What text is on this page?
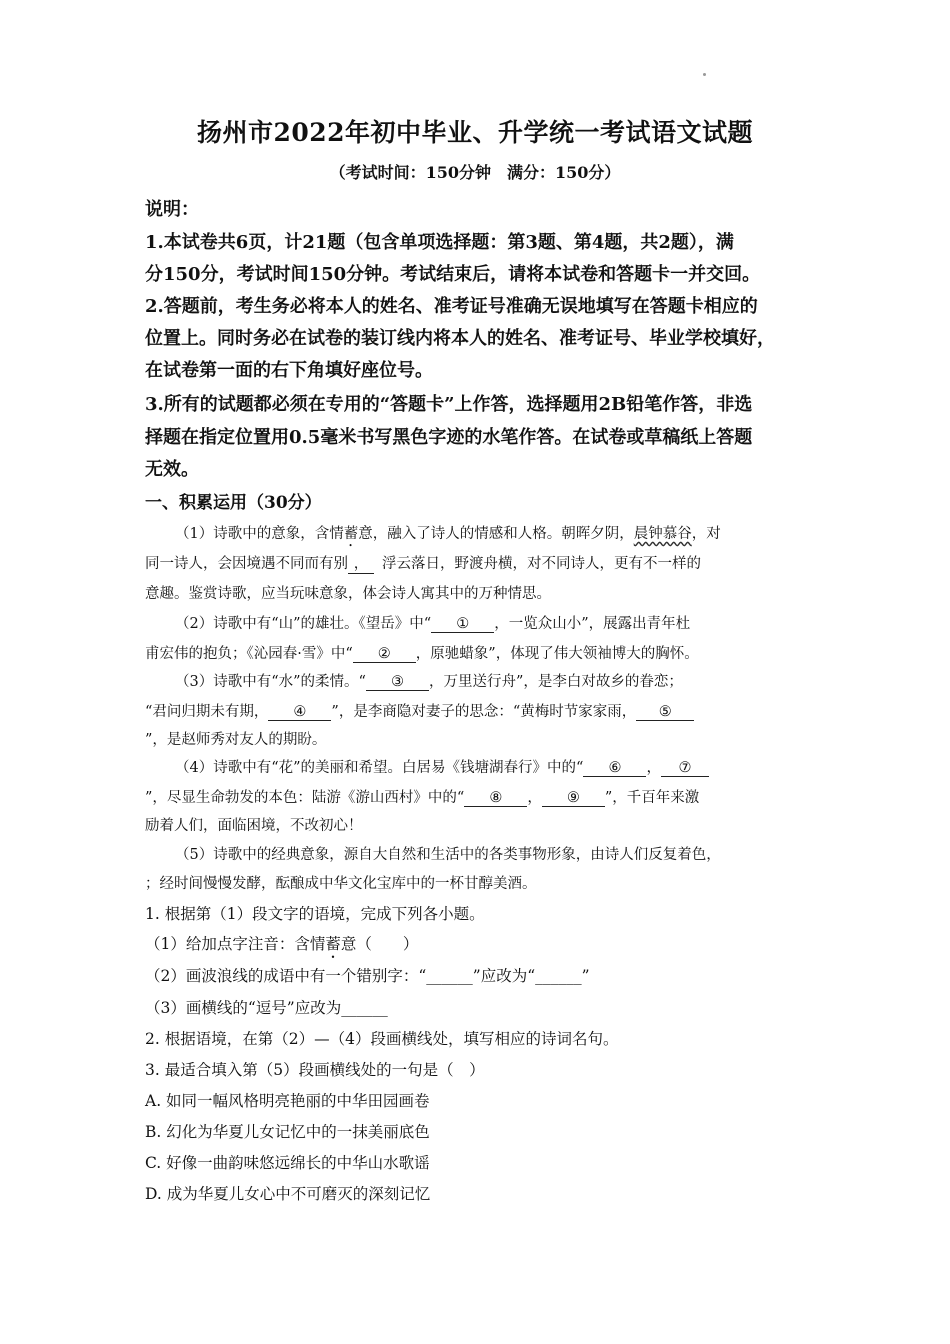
扬州市2022年初中毕业、升学统一考试语文试题
（考试时间：150分钟　满分：150分）
说明：
1.本试卷共6页，计21题（包含单项选择题：第3题、第4题，共2题），满
分150分，考试时间150分钟。考试结束后，请将本试卷和答题卡一并交回。
2.答题前，考生务必将本人的姓名、准考证号准确无误地填写在答题卡相应的
位置上。同时务必在试卷的装订线内将本人的姓名、准考证号、毕业学校填好，
在试卷第一面的右下角填好座位号。
3.所有的试题都必须在专用的“答题卡”上作答，选择题用2B铅笔作答，非选
择题在指定位置用0.5毫米书写黑色字迹的水笔作答。在试卷或草稿纸上答题
无效。
一、积累运用（30分）
（1）诗歌中的意象，含情蓄意，融入了诗人的情感和人格。朝晖夕阴，晨钟慕谷，对
同一诗人，会因境遇不同而有别 ， 浮云落日，野渡舟横，对不同诗人，更有不一样的
意趣。鉴赏诗歌，应当玩味意象，体会诗人寓其中的万种情思。
（2）诗歌中有“山”的雄壮。《望岳》中“ ① ，一览众山小”，展露出青年杜
甫宏伟的抱负；《沁园春·雪》中“ ② ，原驰蜡象”，体现了伟大领袖博大的胸怀。
（3）诗歌中有“水”的柔情。“ ③ ，万里送行舟”，是李白对故乡的眷恋；
“君问归期未有期， ④ ”，是李商隐对妻子的思念：“黄梅时节家家雨， ⑤
”，是赵师秀对友人的期盼。
（4）诗歌中有“花”的美丽和希望。白居易《钱塘湖春行》中的“ ⑥ ， ⑦
”，尽显生命勃发的本色：陆游《游山西村》中的“ ⑧ ， ⑨ ”，千百年来激
励着人们，面临困境，不改初心！
（5）诗歌中的经典意象，源自大自然和生活中的各类事物形象，由诗人们反复着色，
；经时间慢慢发酵，酝酿成中华文化宝库中的一杯甘醇美酒。
1. 根据第（1）段文字的语境，完成下列各小题。
（1）给加点字注音：含情蓄意（　　）
（2）画波浪线的成语中有一个错别字：“______”应改为“______”
（3）画横线的“逗号”应改为______
2. 根据语境，在第（2）—（4）段画横线处，填写相应的诗词名句。
3. 最适合填入第（5）段画横线处的一句是（　）
A. 如同一幅风格明亮艳丽的中华田园画卷
B. 幻化为华夏儿女记忆中的一抹美丽底色
C. 好像一曲韵味悠远绵长的中华山水歌谣
D. 成为华夏儿女心中不可磨灭的深刻记忆
